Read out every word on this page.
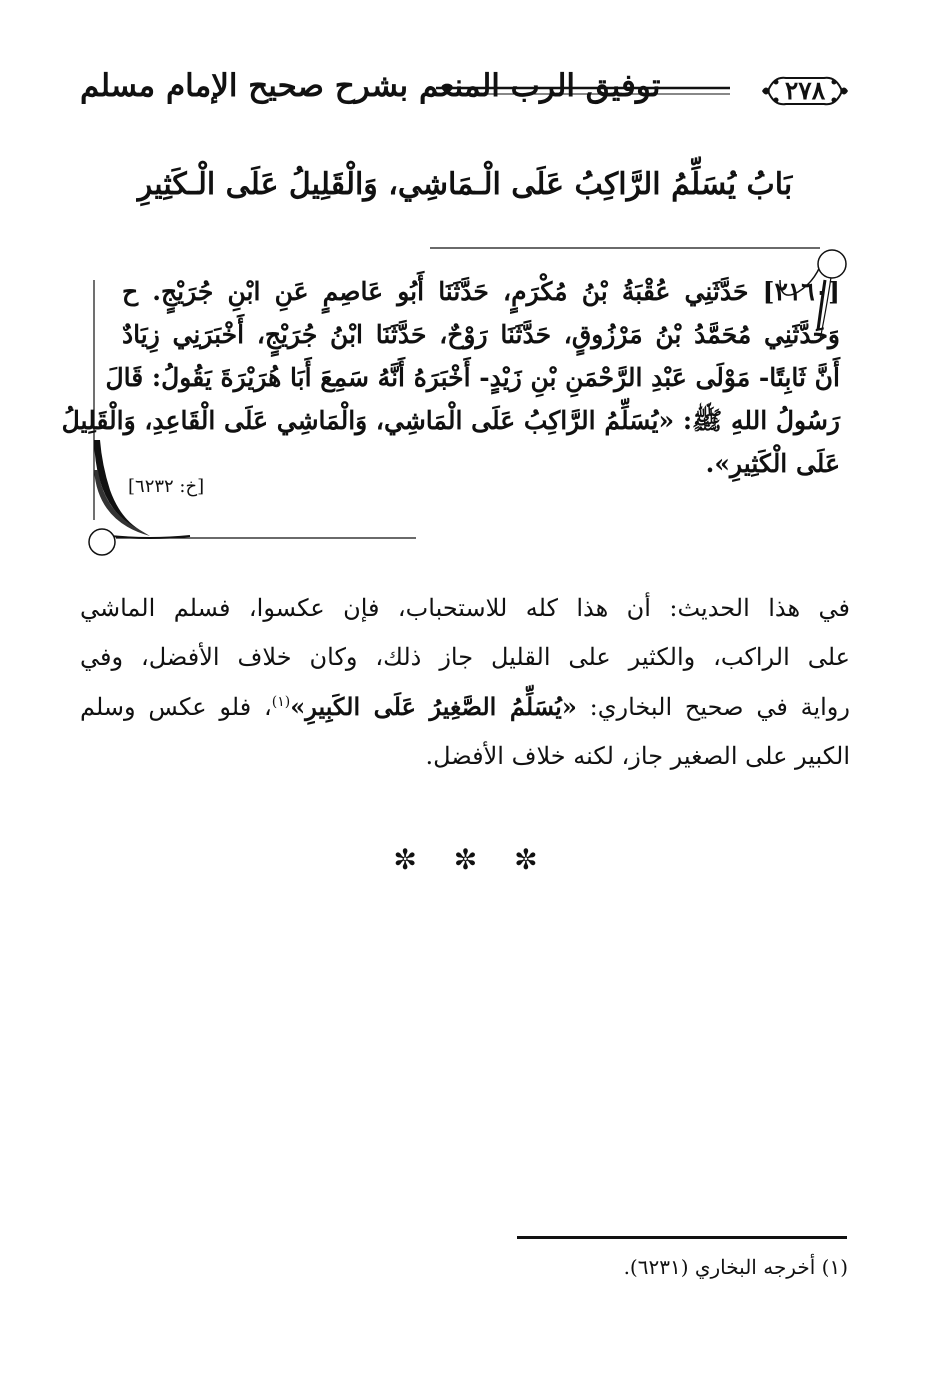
توفيق الرب المنعم بشرح صحيح الإمام مسلم	٢٧٨
بَابُ يُسَلِّمُ الرَّاكِبُ عَلَى الْـمَاشِي، وَالْقَلِيلُ عَلَى الْـكَثِيرِ
[٢١٦٠] حَدَّثَنِي عُقْبَةُ بْنُ مُكْرَمٍ، حَدَّثَنَا أَبُو عَاصِمٍ عَنِ ابْنِ جُرَيْجٍ. ح
وَحَدَّثَنِي مُحَمَّدُ بْنُ مَرْزُوقٍ، حَدَّثَنَا رَوْحٌ، حَدَّثَنَا ابْنُ جُرَيْجٍ، أَخْبَرَنِي زِيَادٌ
أَنَّ ثَابِتًا- مَوْلَى عَبْدِ الرَّحْمَنِ بْنِ زَيْدٍ- أَخْبَرَهُ أَنَّهُ سَمِعَ أَبَا هُرَيْرَةَ يَقُولُ: قَالَ
رَسُولُ اللهِ ﷺ: «يُسَلِّمُ الرَّاكِبُ عَلَى الْمَاشِي، وَالْمَاشِي عَلَى الْقَاعِدِ، وَالْقَلِيلُ
عَلَى الْكَثِيرِ».
[خ: ٦٢٣٢]
في هذا الحديث: أن هذا كله للاستحباب، فإن عكسوا، فسلم الماشي
على الراكب، والكثير على القليل جاز ذلك، وكان خلاف الأفضل، وفي
رواية في صحيح البخاري: «يُسَلِّمُ الصَّغِيرُ عَلَى الكَبِيرِ»$^{(١)}$، فلو عكس وسلم
الكبير على الصغير جاز، لكنه خلاف الأفضل.
✼ ✼ ✼
(١) أخرجه البخاري (٦٢٣١).
